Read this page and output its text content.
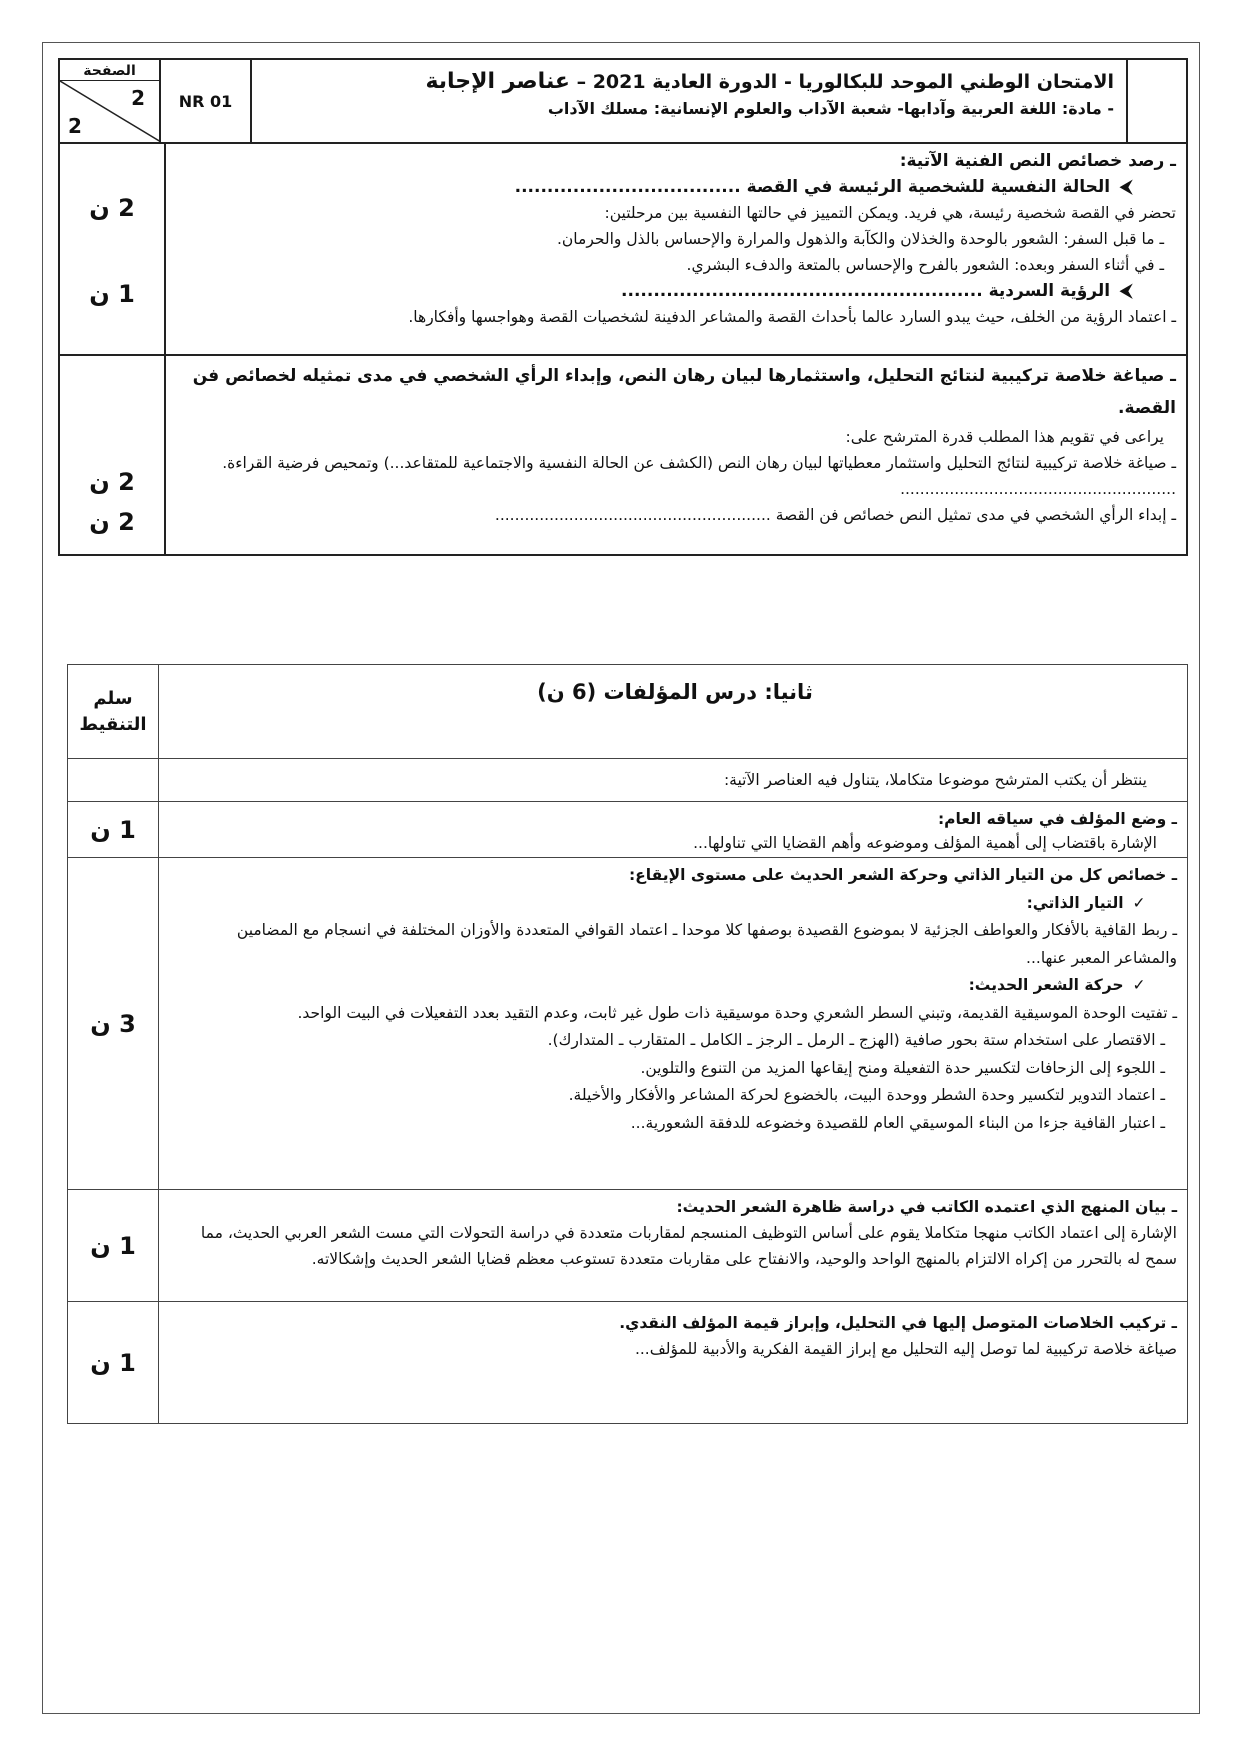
الصفحة
2
2
NR 01
الامتحان الوطني الموحد للبكالوريا - الدورة العادية 2021 – عناصر الإجابة
- مادة: اللغة العربية وآدابها- شعبة الآداب والعلوم الإنسانية: مسلك الآداب
ـ رصد خصائص النص الفنية الآتية:
⮜ الحالة النفسية للشخصية الرئيسة في القصة ...................................
تحضر في القصة شخصية رئيسة، هي فريد. ويمكن التمييز في حالتها النفسية بين مرحلتين:
ـ ما قبل السفر: الشعور بالوحدة والخذلان والكآبة والذهول والمرارة والإحساس بالذل والحرمان.
ـ في أثناء السفر وبعده: الشعور بالفرح والإحساس بالمتعة والدفء البشري.
⮜ الرؤية السردية ........................................................
ـ اعتماد الرؤية من الخلف، حيث يبدو السارد عالما بأحداث القصة والمشاعر الدفينة لشخصيات القصة وهواجسها وأفكارها.
2 ن
1 ن
ـ صياغة خلاصة تركيبية لنتائج التحليل، واستثمارها لبيان رهان النص، وإبداء الرأي الشخصي في مدى تمثيله لخصائص فن القصة.
يراعى في تقويم هذا المطلب قدرة المترشح على:
ـ صياغة خلاصة تركيبية لنتائج التحليل واستثمار معطياتها لبيان رهان النص (الكشف عن الحالة النفسية والاجتماعية للمتقاعد...) وتمحيص فرضية القراءة. ........................................................
ـ إبداء الرأي الشخصي في مدى تمثيل النص خصائص فن القصة ........................................................
2 ن
2 ن
ثانيا: درس المؤلفات (6 ن)
سلم التنقيط
ينتظر أن يكتب المترشح موضوعا متكاملا، يتناول فيه العناصر الآتية:
ـ وضع المؤلف في سياقه العام:
الإشارة باقتضاب إلى أهمية المؤلف وموضوعه وأهم القضايا التي تناولها...
1 ن
ـ خصائص كل من التيار الذاتي وحركة الشعر الحديث على مستوى الإيقاع:
✓ التيار الذاتي:
ـ ربط القافية بالأفكار والعواطف الجزئية لا بموضوع القصيدة بوصفها كلا موحدا ـ اعتماد القوافي المتعددة والأوزان المختلفة في انسجام مع المضامين والمشاعر المعبر عنها...
✓ حركة الشعر الحديث:
ـ تفتيت الوحدة الموسيقية القديمة، وتبني السطر الشعري وحدة موسيقية ذات طول غير ثابت، وعدم التقيد بعدد التفعيلات في البيت الواحد.
ـ الاقتصار على استخدام ستة بحور صافية (الهزج ـ الرمل ـ الرجز ـ الكامل ـ المتقارب ـ المتدارك).
ـ اللجوء إلى الزحافات لتكسير حدة التفعيلة ومنح إيقاعها المزيد من التنوع والتلوين.
ـ اعتماد التدوير لتكسير وحدة الشطر ووحدة البيت، بالخضوع لحركة المشاعر والأفكار والأخيلة.
ـ اعتبار القافية جزءا من البناء الموسيقي العام للقصيدة وخضوعه للدفقة الشعورية...
3 ن
ـ بيان المنهج الذي اعتمده الكاتب في دراسة ظاهرة الشعر الحديث:
الإشارة إلى اعتماد الكاتب منهجا متكاملا يقوم على أساس التوظيف المنسجم لمقاربات متعددة في دراسة التحولات التي مست الشعر العربي الحديث، مما سمح له بالتحرر من إكراه الالتزام بالمنهج الواحد والوحيد، والانفتاح على مقاربات متعددة تستوعب معظم قضايا الشعر الحديث وإشكالاته.
1 ن
ـ تركيب الخلاصات المتوصل إليها في التحليل، وإبراز قيمة المؤلف النقدي.
صياغة خلاصة تركيبية لما توصل إليه التحليل مع إبراز القيمة الفكرية والأدبية للمؤلف...
1 ن
